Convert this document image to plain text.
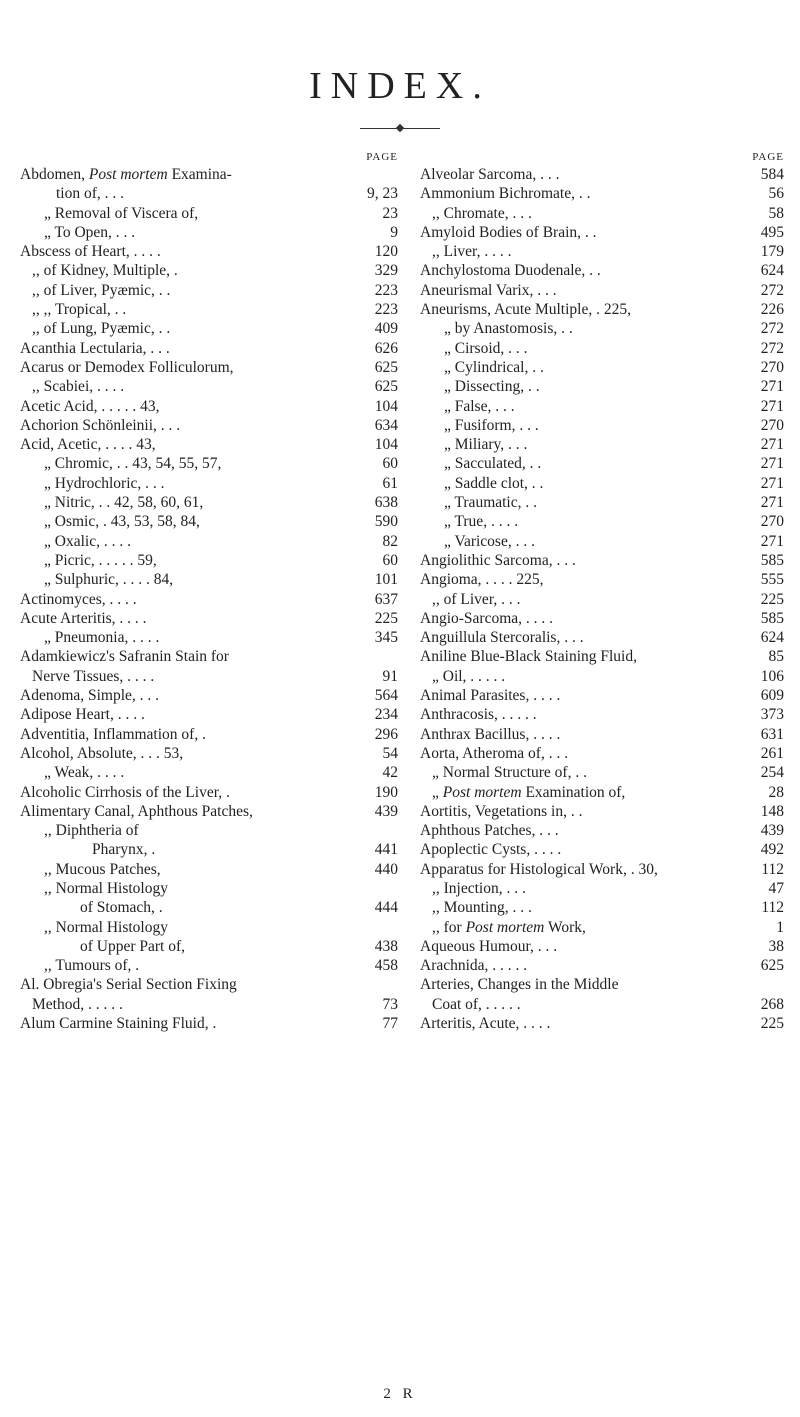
INDEX.
PAGE
Abdomen, Post mortem Examina-
tion of, . . .	9, 23
„ Removal of Viscera of,	23
„ To Open, . . .	9
Abscess of Heart, . . . .	120
,, of Kidney, Multiple, .	329
,, of Liver, Pyæmic, . .	223
,, ,, Tropical, . .	223
,, of Lung, Pyæmic, . .	409
Acanthia Lectularia, . . .	626
Acarus or Demodex Folliculorum,	625
,, Scabiei, . . . .	625
Acetic Acid, . . . . . 43,	104
Achorion Schönleinii, . . .	634
Acid, Acetic, . . . . 43,	104
„ Chromic, . . 43, 54, 55, 57,	60
„ Hydrochloric, . . .	61
„ Nitric, . . 42, 58, 60, 61,	638
„ Osmic, . 43, 53, 58, 84,	590
„ Oxalic, . . . .	82
„ Picric, . . . . . 59,	60
„ Sulphuric, . . . . 84,	101
Actinomyces, . . . .	637
Acute Arteritis, . . . .	225
„ Pneumonia, . . . .	345
Adamkiewicz's Safranin Stain for
Nerve Tissues, . . . .	91
Adenoma, Simple, . . .	564
Adipose Heart, . . . .	234
Adventitia, Inflammation of, .	296
Alcohol, Absolute, . . . 53,	54
„ Weak, . . . .	42
Alcoholic Cirrhosis of the Liver, .	190
Alimentary Canal, Aphthous Patches,	439
,, Diphtheria of
Pharynx, .	441
,, Mucous Patches,	440
,, Normal Histology
of Stomach, .	444
,, Normal Histology
of Upper Part of,	438
,, Tumours of, .	458
Al. Obregia's Serial Section Fixing
Method, . . . . .	73
Alum Carmine Staining Fluid, .	77
PAGE
Alveolar Sarcoma, . . .	584
Ammonium Bichromate, . .	56
,, Chromate, . . .	58
Amyloid Bodies of Brain, . .	495
,, Liver, . . . .	179
Anchylostoma Duodenale, . .	624
Aneurismal Varix, . . .	272
Aneurisms, Acute Multiple, . 225,	226
„ by Anastomosis, . .	272
„ Cirsoid, . . .	272
„ Cylindrical, . .	270
„ Dissecting, . .	271
„ False, . . .	271
„ Fusiform, . . .	270
„ Miliary, . . .	271
„ Sacculated, . .	271
„ Saddle clot, . .	271
„ Traumatic, . .	271
„ True, . . . .	270
„ Varicose, . . .	271
Angiolithic Sarcoma, . . .	585
Angioma, . . . . 225,	555
,, of Liver, . . .	225
Angio-Sarcoma, . . . .	585
Anguillula Stercoralis, . . .	624
Aniline Blue-Black Staining Fluid,	85
„ Oil, . . . . .	106
Animal Parasites, . . . .	609
Anthracosis, . . . . .	373
Anthrax Bacillus, . . . .	631
Aorta, Atheroma of, . . .	261
„ Normal Structure of, . .	254
„ Post mortem Examination of,	28
Aortitis, Vegetations in, . .	148
Aphthous Patches, . . .	439
Apoplectic Cysts, . . . .	492
Apparatus for Histological Work, . 30,	112
,, Injection, . . .	47
,, Mounting, . . .	112
,, for Post mortem Work,	1
Aqueous Humour, . . .	38
Arachnida, . . . . .	625
Arteries, Changes in the Middle
Coat of, . . . . .	268
Arteritis, Acute, . . . .	225
2 R
